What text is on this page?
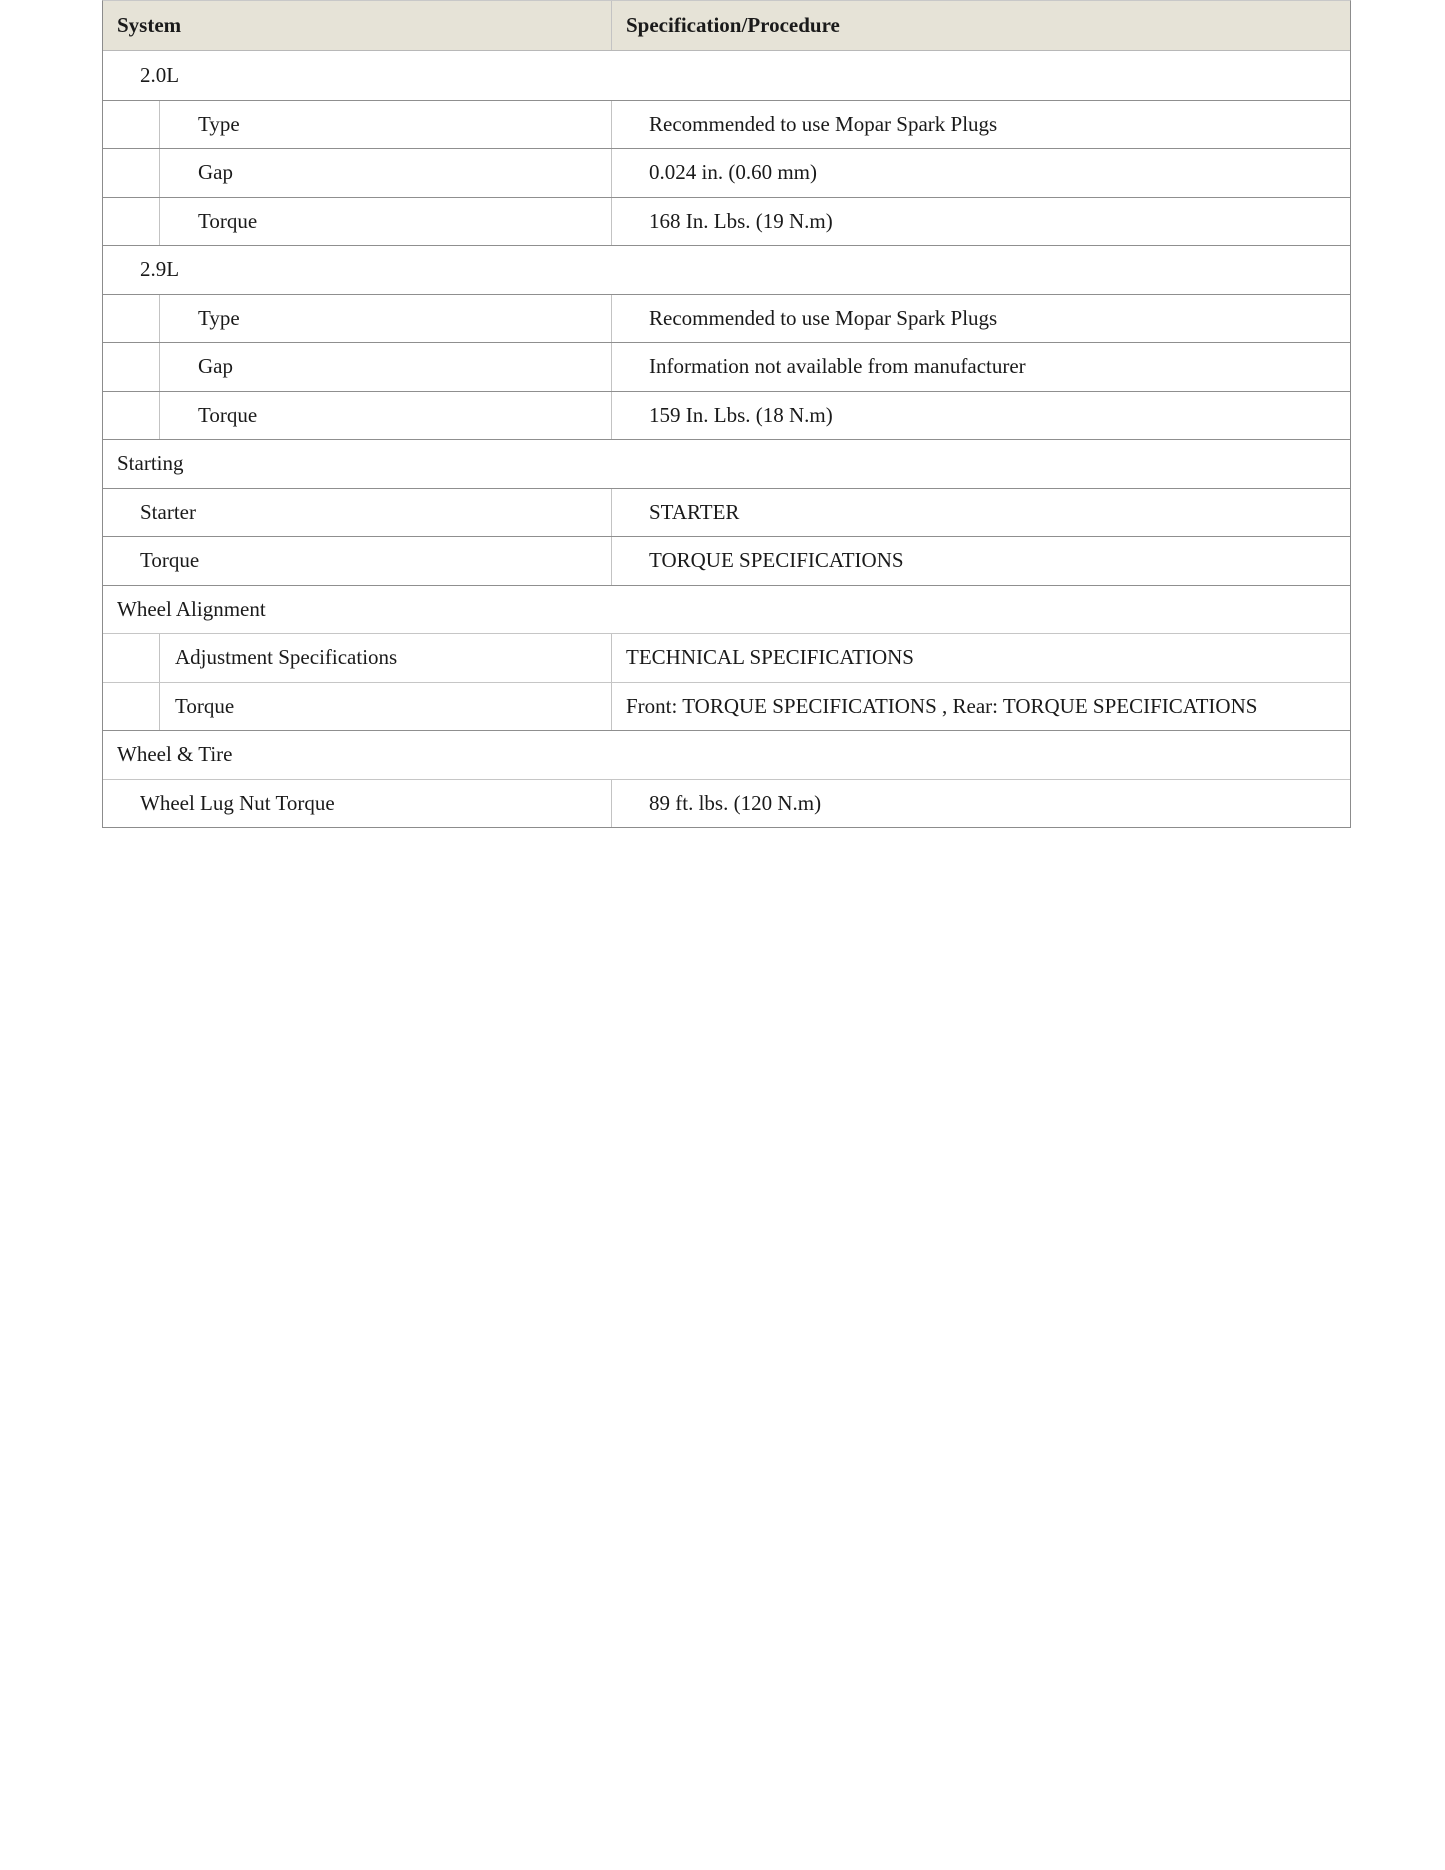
System	Specification/Procedure
2.0L
Type	Recommended to use Mopar Spark Plugs
Gap	0.024 in. (0.60 mm)
Torque	168 In. Lbs. (19 N.m)
2.9L
Type	Recommended to use Mopar Spark Plugs
Gap	Information not available from manufacturer
Torque	159 In. Lbs. (18 N.m)
Starting
Starter	STARTER
Torque	TORQUE SPECIFICATIONS
Wheel Alignment
Adjustment Specifications	TECHNICAL SPECIFICATIONS
Torque	Front: TORQUE SPECIFICATIONS , Rear: TORQUE SPECIFICATIONS
Wheel & Tire
Wheel Lug Nut Torque	89 ft. lbs. (120 N.m)
